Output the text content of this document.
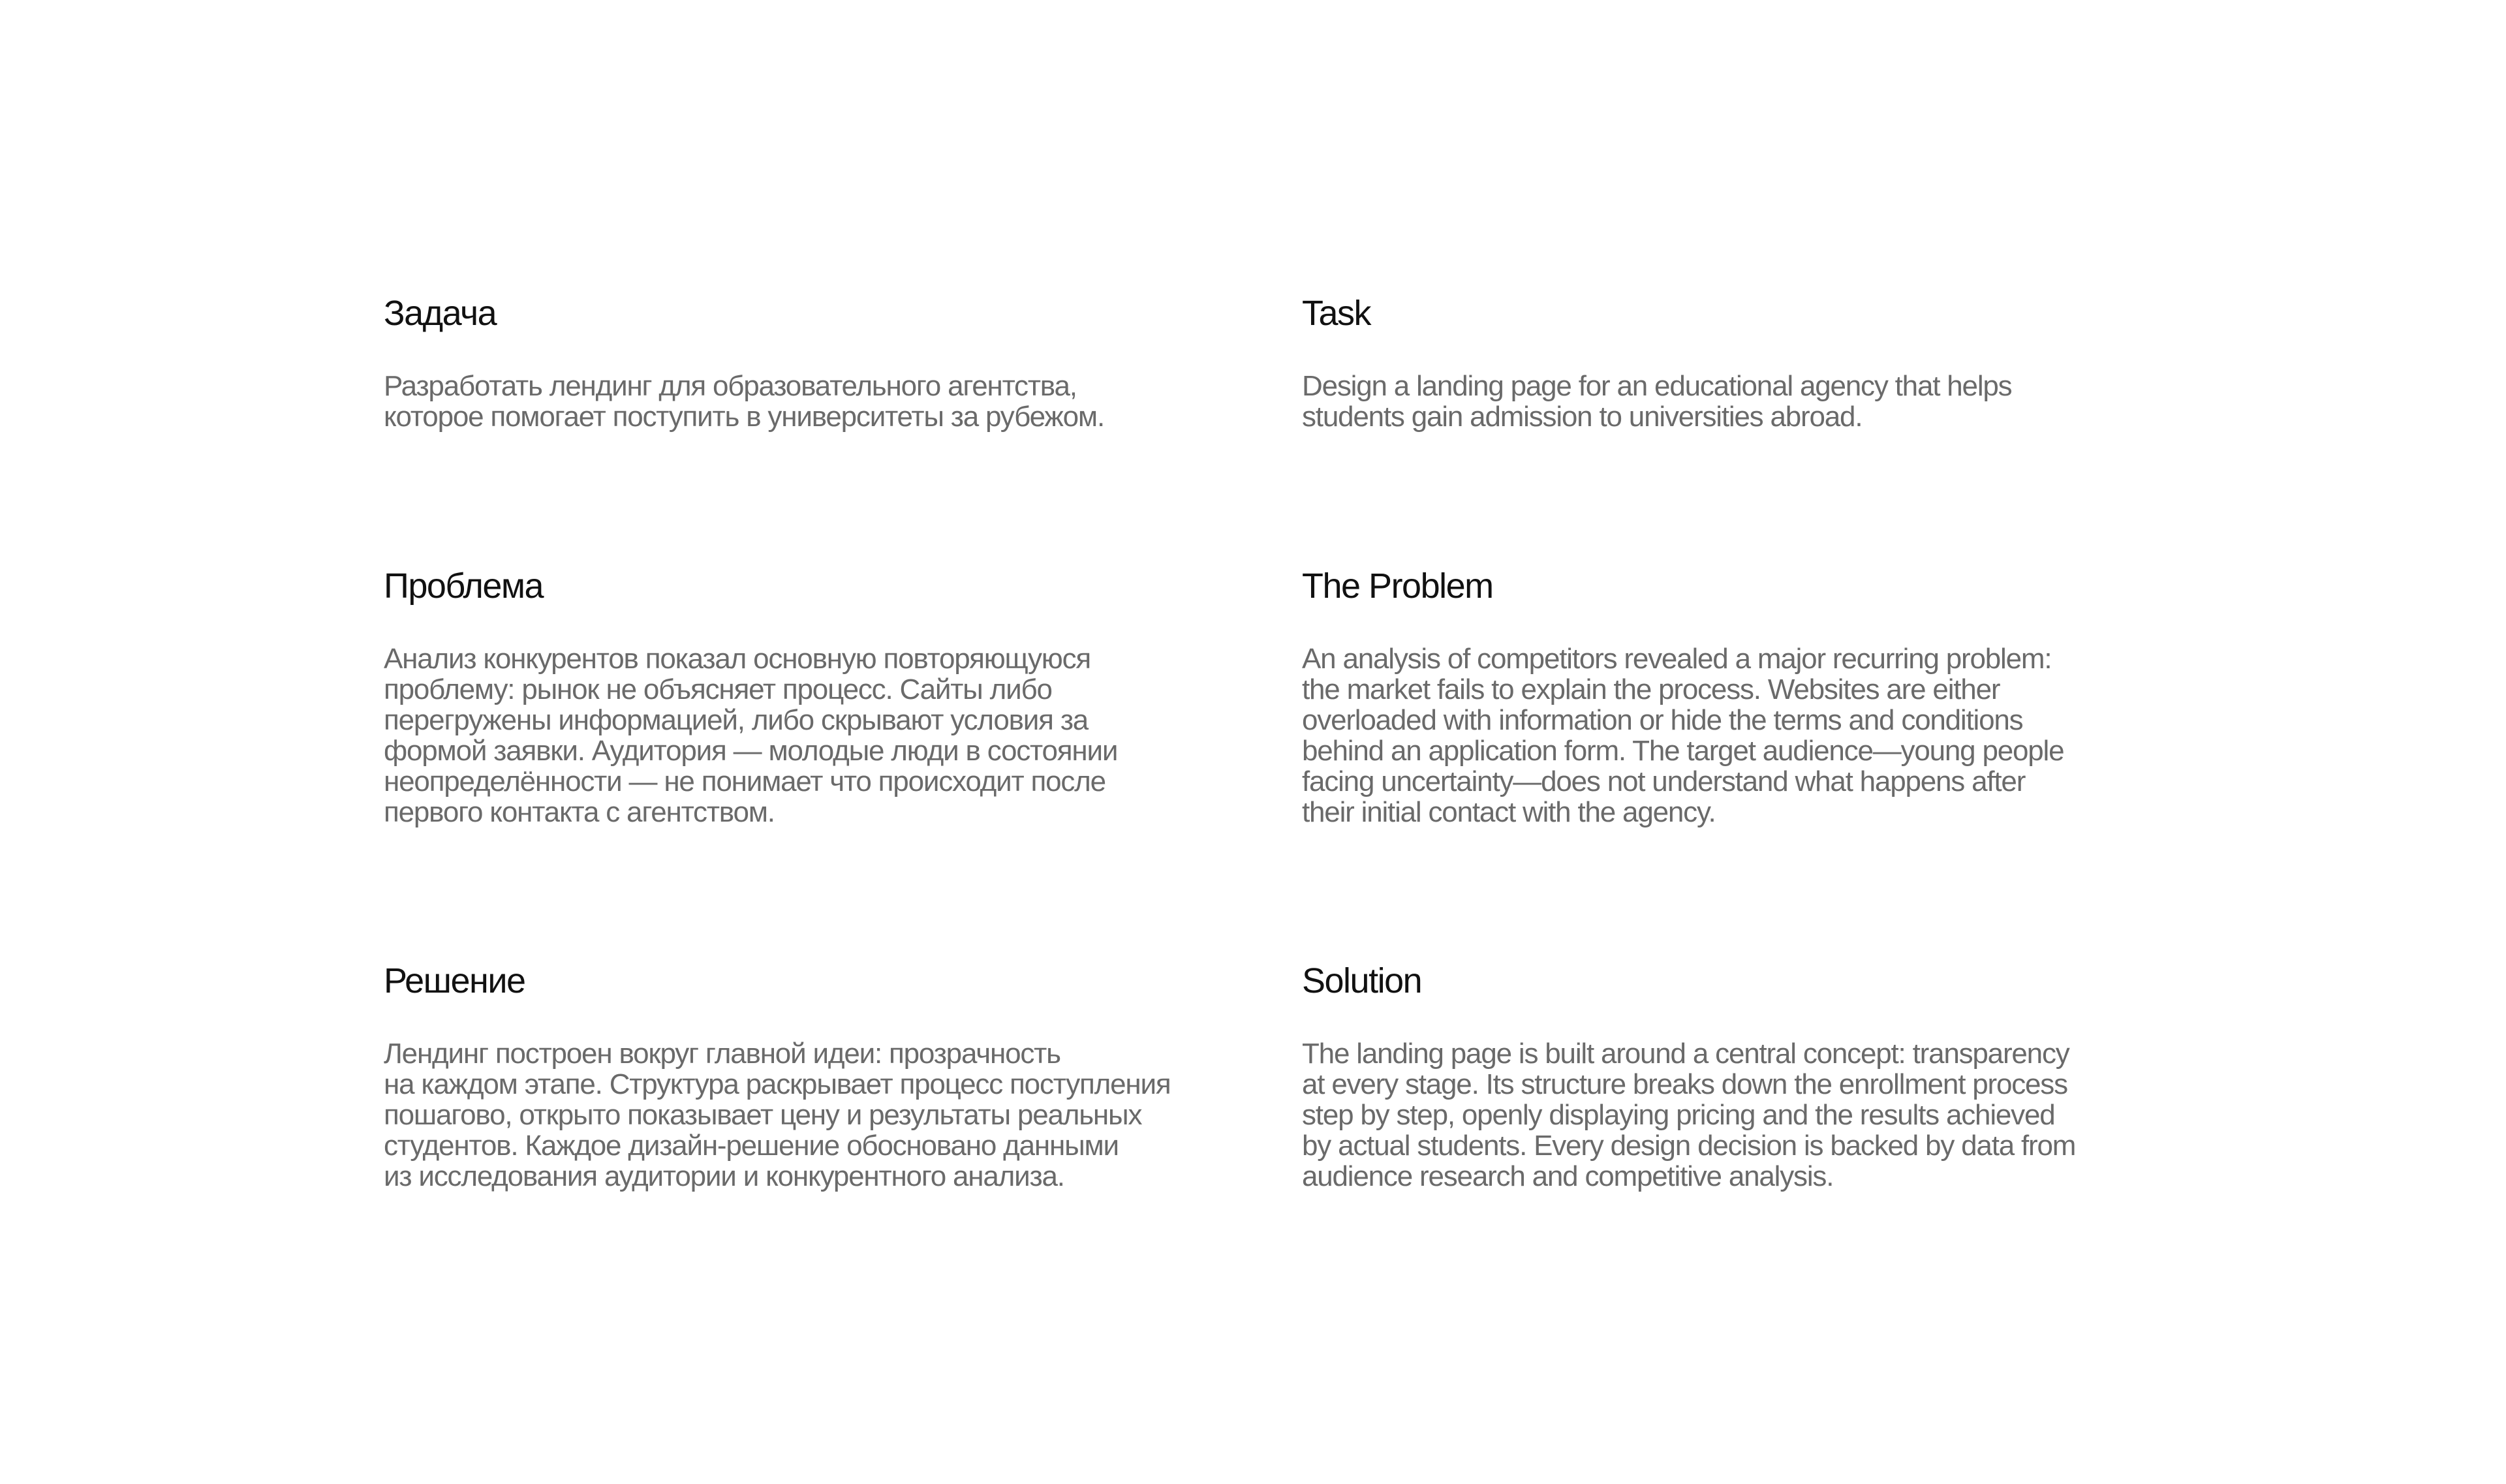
Задача

Разработать лендинг для образовательного агентства,
которое помогает поступить в университеты за рубежом.

Task

Design a landing page for an educational agency that helps
students gain admission to universities abroad.

Проблема

Анализ конкурентов показал основную повторяющуюся
проблему: рынок не объясняет процесс. Сайты либо
перегружены информацией, либо скрывают условия за
формой заявки. Аудитория — молодые люди в состоянии
неопределённости — не понимает что происходит после
первого контакта с агентством.

The Problem

An analysis of competitors revealed a major recurring problem:
the market fails to explain the process. Websites are either
overloaded with information or hide the terms and conditions
behind an application form. The target audience—young people
facing uncertainty—does not understand what happens after
their initial contact with the agency.

Решение

Лендинг построен вокруг главной идеи: прозрачность
на каждом этапе. Структура раскрывает процесс поступления
пошагово, открыто показывает цену и результаты реальных
студентов. Каждое дизайн-решение обосновано данными
из исследования аудитории и конкурентного анализа.

Solution

The landing page is built around a central concept: transparency
at every stage. Its structure breaks down the enrollment process
step by step, openly displaying pricing and the results achieved
by actual students. Every design decision is backed by data from
audience research and competitive analysis.
